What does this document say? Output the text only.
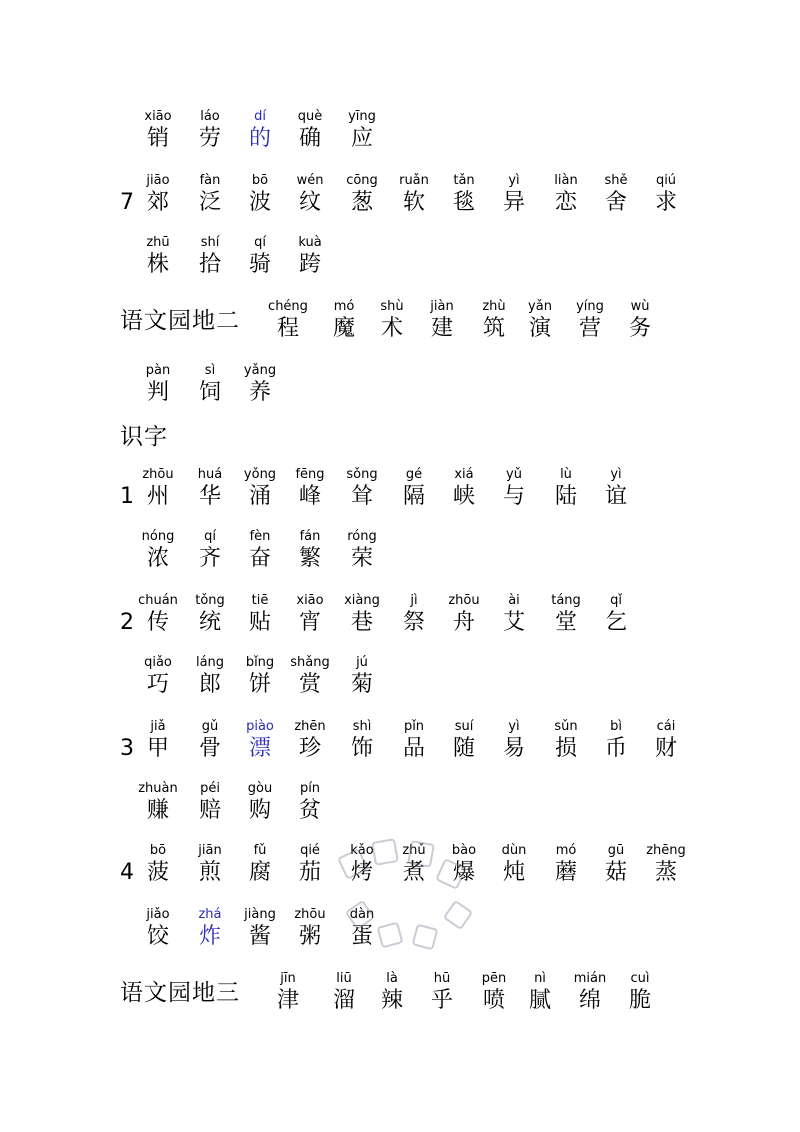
xiāo
销
láo
劳
dí
的
què
确
yīng
应
7
jiāo
郊
fàn
泛
bō
波
wén
纹
cōng
葱
ruǎn
软
tǎn
毯
yì
异
liàn
恋
shě
舍
qiú
求
zhū
株
shí
拾
qí
骑
kuà
跨
语文园地二
chéng
程
mó
魔
shù
术
jiàn
建
zhù
筑
yǎn
演
yíng
营
wù
务
pàn
判
sì
饲
yǎng
养
识字
1
zhōu
州
huá
华
yǒng
涌
fēng
峰
sǒng
耸
gé
隔
xiá
峡
yǔ
与
lù
陆
yì
谊
nóng
浓
qí
齐
fèn
奋
fán
繁
róng
荣
2
chuán
传
tǒng
统
tiē
贴
xiāo
宵
xiàng
巷
jì
祭
zhōu
舟
ài
艾
táng
堂
qǐ
乞
qiǎo
巧
láng
郎
bǐng
饼
shǎng
赏
jú
菊
3
jiǎ
甲
gǔ
骨
piào
漂
zhēn
珍
shì
饰
pǐn
品
suí
随
yì
易
sǔn
损
bì
币
cái
财
zhuàn
赚
péi
赔
gòu
购
pín
贫
4
bō
菠
jiān
煎
fǔ
腐
qié
茄
kǎo
烤
zhǔ
煮
bào
爆
dùn
炖
mó
蘑
gū
菇
zhēng
蒸
jiǎo
饺
zhá
炸
jiàng
酱
zhōu
粥
dàn
蛋
语文园地三
jīn
津
liū
溜
là
辣
hū
乎
pēn
喷
nì
腻
mián
绵
cuì
脆
